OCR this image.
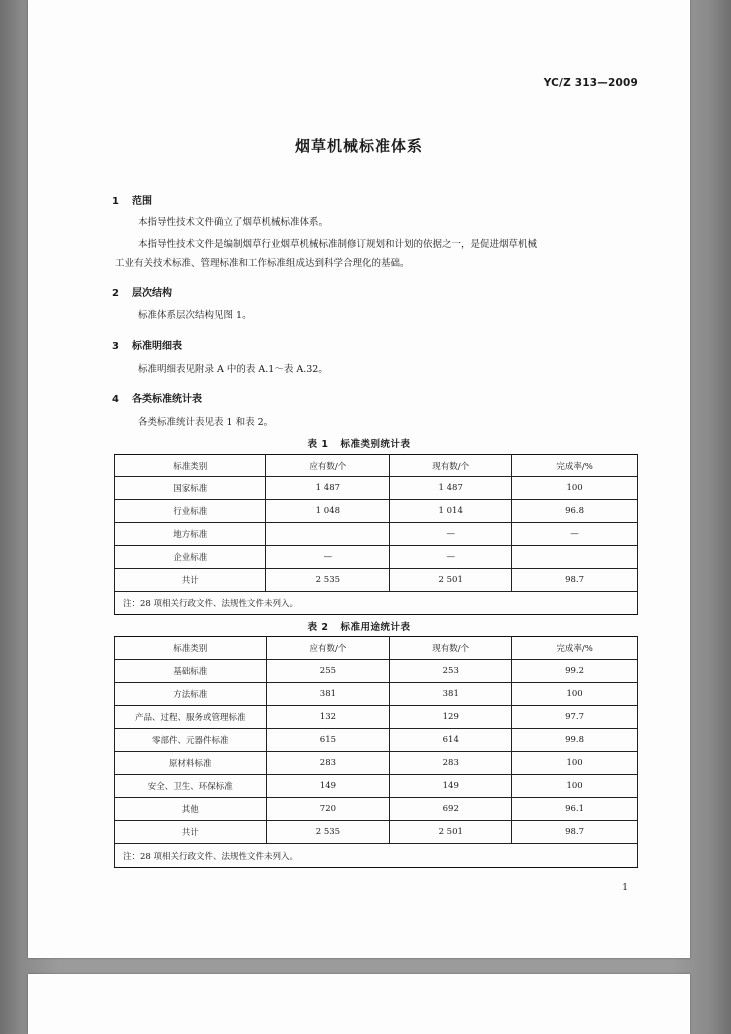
YC/Z 313—2009
烟草机械标准体系
1 范围
本指导性技术文件确立了烟草机械标准体系。
本指导性技术文件是编制烟草行业烟草机械标准制修订规划和计划的依据之一，是促进烟草机械
工业有关技术标准、管理标准和工作标准组成达到科学合理化的基础。
2 层次结构
标准体系层次结构见图 1。
3 标准明细表
标准明细表见附录 A 中的表 A.1～表 A.32。
4 各类标准统计表
各类标准统计表见表 1 和表 2。
表 1 标准类别统计表
标准类别	应有数/个	现有数/个	完成率/%
国家标准	1 487	1 487	100
行业标准	1 048	1 014	96.8
地方标准		—	—
企业标准	—	—	
共计	2 535	2 501	98.7
注：28 项相关行政文件、法规性文件未列入。			
表 2 标准用途统计表
标准类别	应有数/个	现有数/个	完成率/%
基础标准	255	253	99.2
方法标准	381	381	100
产品、过程、服务或管理标准	132	129	97.7
零部件、元器件标准	615	614	99.8
原材料标准	283	283	100
安全、卫生、环保标准	149	149	100
其他	720	692	96.1
共计	2 535	2 501	98.7
注：28 项相关行政文件、法规性文件未列入。			
1
